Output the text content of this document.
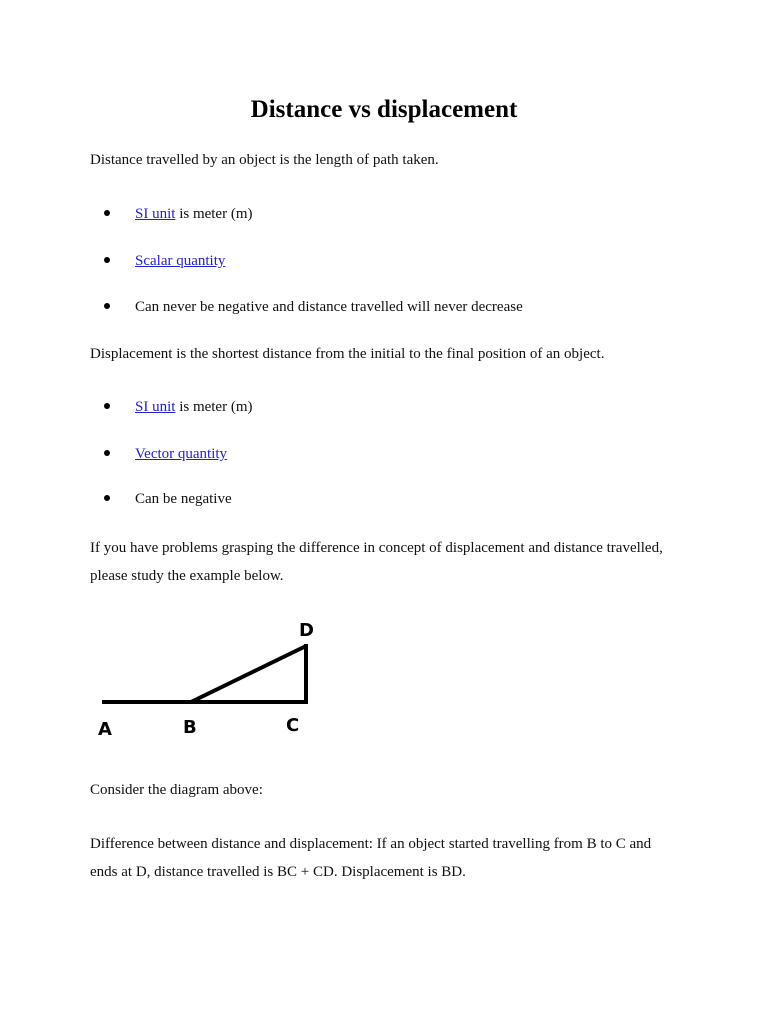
Distance vs displacement

Distance travelled by an object is the length of path taken.

SI unit is meter (m)
Scalar quantity
Can never be negative and distance travelled will never decrease

Displacement is the shortest distance from the initial to the final position of an object.

SI unit is meter (m)
Vector quantity
Can be negative

If you have problems grasping the difference in concept of displacement and distance travelled, please study the example below.

A	B	C
D

Consider the diagram above:

Difference between distance and displacement: If an object started travelling from B to C and ends at D, distance travelled is BC + CD. Displacement is BD.
